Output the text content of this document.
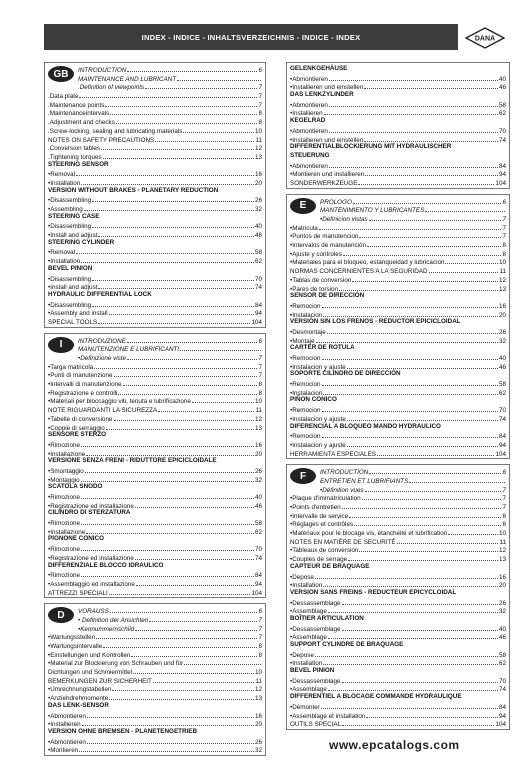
INDEX - INDICE - INHALTSVERZEICHNIS - INDICE - INDEX	DANA
GB	INTRODUCTION	6
MAINTENANCE AND LUBRICANT
.Definition of viewpoints	7
.Data plate	7
.Maintenance points	7
.Maintenanceintervals	8
.Adjustment and checks	8
.Screw-locking, sealing and lubricating materials	10
NOTES ON SAFETY PRECAUTIONS	11
.Conversion tables	12
.Tightening torques	13
STEERING SENSOR
•Removal	16
•Installation	20
VERSION WITHOUT BRAKES - PLANETARY REDUCTION
•Disassembling	26
•Assembling	32
STEERING CASE
•Disassembling	40
•Install and adjust	46
STEERING CYLINDER
•Removal	58
•Installation	62
BEVEL PINION
•Disassembling	70
•Install and adjust	74
HYDRAULIC DIFFERENTIAL LOCK
•Disassembling	84
•Assembly and install	94
SPECIAL TOOLS	104
I	INTRODUZIONE	6
MANUTENZIONE E LUBRIFICANTI
•Definizione viste	7
•Targa matricola	7
•Punti di manutenzione	7
•Intervalli di manutenzione	8
•Registrazione e controlli	8
•Materiali per bloccaggio viti, tenuta e lubrificazione	10
NOTE RIGUARDANTI LA SICUREZZA	11
•Tabelle di conversione	12
•Coppie di serraggio	13
SENSORE STERZO
•Rimozione	16
•Installazione	20
VERSIONE SENZA FRENI - RIDUTTORE EPICICLOIDALE
•Smontaggio	26
•Montaggio	32
SCATOLA SNODO
•Rimozione	40
•Registrazione ed installazione	46
CILINDRO DI STERZATURA
•Rimozione	58
•Installazione	62
PIGNONE CONICO
•Rimozione	70
•Registrazione ed installazione	74
DIFFERENZIALE BLOCCO IDRAULICO
•Rimozione	84
•Assemblaggio ed installazione	94
ATTREZZI SPECIALI	104
D	VORAUSS	6
• Definition der Ansichten	7
•Kennummernschild	7
•Wartungsstellen	7
•Wartungsintervalle	8
•Einstellungen und Kontrollen	8
•Material zur Blockierung von Schrauben und für
Dichtungen und Schmiermittel	10
BEMERKUNGEN ZUR SICHERHEIT	11
•Umrechnungstabellen	12
•Anziehdrehmomente	13
DAS LENK-SENSOR
•Abmontieren	16
•Installieren	20
VERSION OHNE BREMSEN - PLANETENGETRIEB
•Abmontieren	26
•Montieren	32
GELENKGEHÄUSE
•Abmontieren	40
•Installieren und einstellen	46
DAS LENKZYLINDER
•Abmontieren	58
•Installieren	62
KEGELRAD
•Abmontieren	70
•Installieren und einstellen	74
DIFFERENTIALBLOCKIERUNG MIT HYDRAULISCHER
STEUERUNG
•Abmontieren	84
•Montieren und installieren	94
SONDERWERKZEUGE	104
E	PROLOGO	6
MANTENIMIENTO Y LUBRICANTES
•Definicion vistas	7
•Matricula	7
•Puntos de manutencion	7
•Intervalos de manutención	8
•Ajuste y controles	8
•Materiales para el bloqueo, estanqueidad y lubricacion	10
NORMAS CONCERNIENTES A LA SEGURIDAD	11
•Tablas de conversion	12
•Pares de torsion	13
SENSOR DE DIRECCIÓN
•Remocion	16
•Instalacion	20
VERSIÓN SIN LOS FRENOS - REDUCTOR EPICICLOIDAL
•Desmontaje	26
•Montaje	32
CARTER DE ROTULA
•Remocion	40
•Instalacion y ajuste	46
SOPORTE CILINDRO DE DIRECCIÓN
•Remocion	58
•Instalacion	62
PIÑON CONICO
•Remocion	70
•Instalacion y ajuste	74
DIFERENCIAL A BLOQUEO MANDO HYDRAULICO
•Remocion	84
•Instalacion y ajuste	94
HERRAMIENTA ESPECIALES	104
F	INTRODUCTION	6
ENTRETIEN ET LUBRIFIANTS
•Définition vues	7
•Plaque d'immatriculation	7
•Points d'entretien	7
•Intervalle de service	8
•Réglages et contrôles	8
•Matériaux pour le blocage vis, étanchéité et lubrification	10
NOTES EN MATIÈRE DE SECURITÉ	11
•Tableaux de conversion	12
•Couples de serrage	13
CAPTEUR DE BRAQUAGE
•Depose	16
•Installation	20
VERSION SANS FREINS - REDUCTEUR EPICYCLOIDAL
•Dessassemblage	26
•Assemblage	32
BOÎTIER ARTICULATION
•Dessassemblage	40
•Assemblage	46
SUPPORT CYLINDRE DE BRAQUAGE
•Depose	58
•Installation	62
BEVEL PINION
•Dessassemblage	70
•Assemblage	74
DIFFERENTIEL A BLOCAGE COMMANDE HYDRAULIQUE
•Démonter	84
•Assemblage et installation	94
OUTILS SPECIAL	104
www.epcatalogs.com
